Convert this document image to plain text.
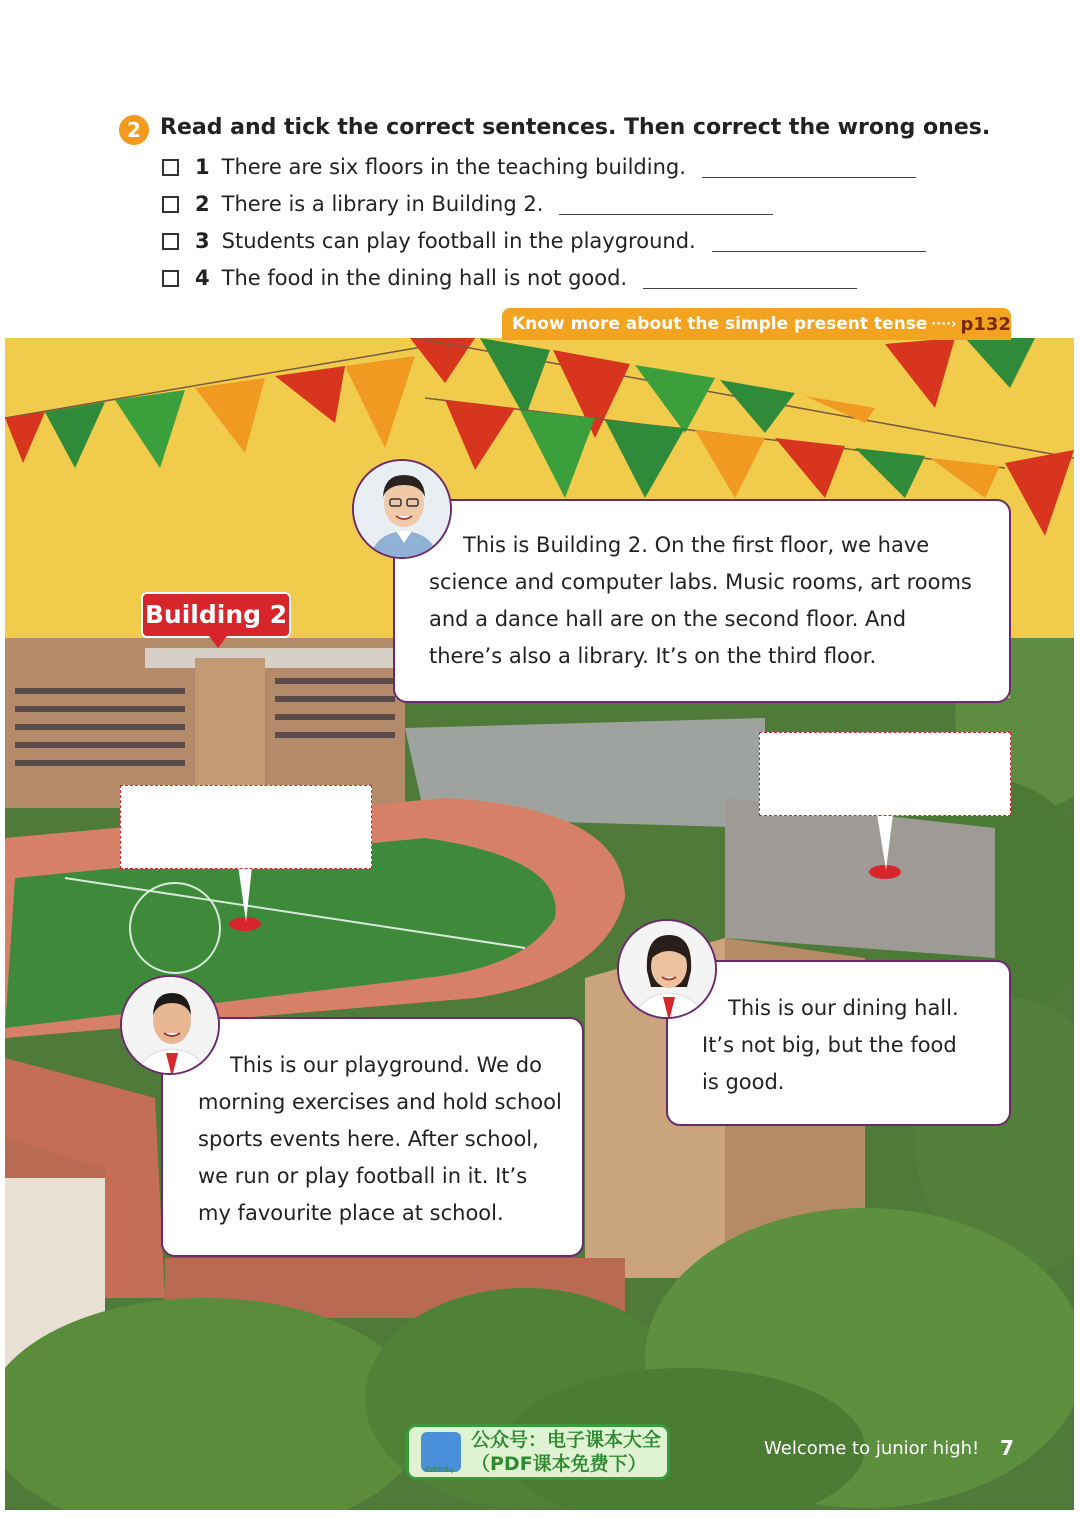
2 Read and tick the correct sentences. Then correct the wrong ones.
1 There are six floors in the teaching building.
2 There is a library in Building 2.
3 Students can play football in the playground.
4 The food in the dining hall is not good.
Know more about the simple present tense ····› p132
Building 2

This is Building 2. On the first floor, we have

science and computer labs. Music rooms, art rooms

and a dance hall are on the second floor. And

there’s also a library. It’s on the third floor.

This is our playground. We do

morning exercises and hold school

sports events here. After school,

we run or play football in it. It’s

my favourite place at school.

This is our dining hall.

It’s not big, but the food

is good.

公众号：电子课本大全
（PDF课本免费下）
dzkbdq
Welcome to junior high! 7
